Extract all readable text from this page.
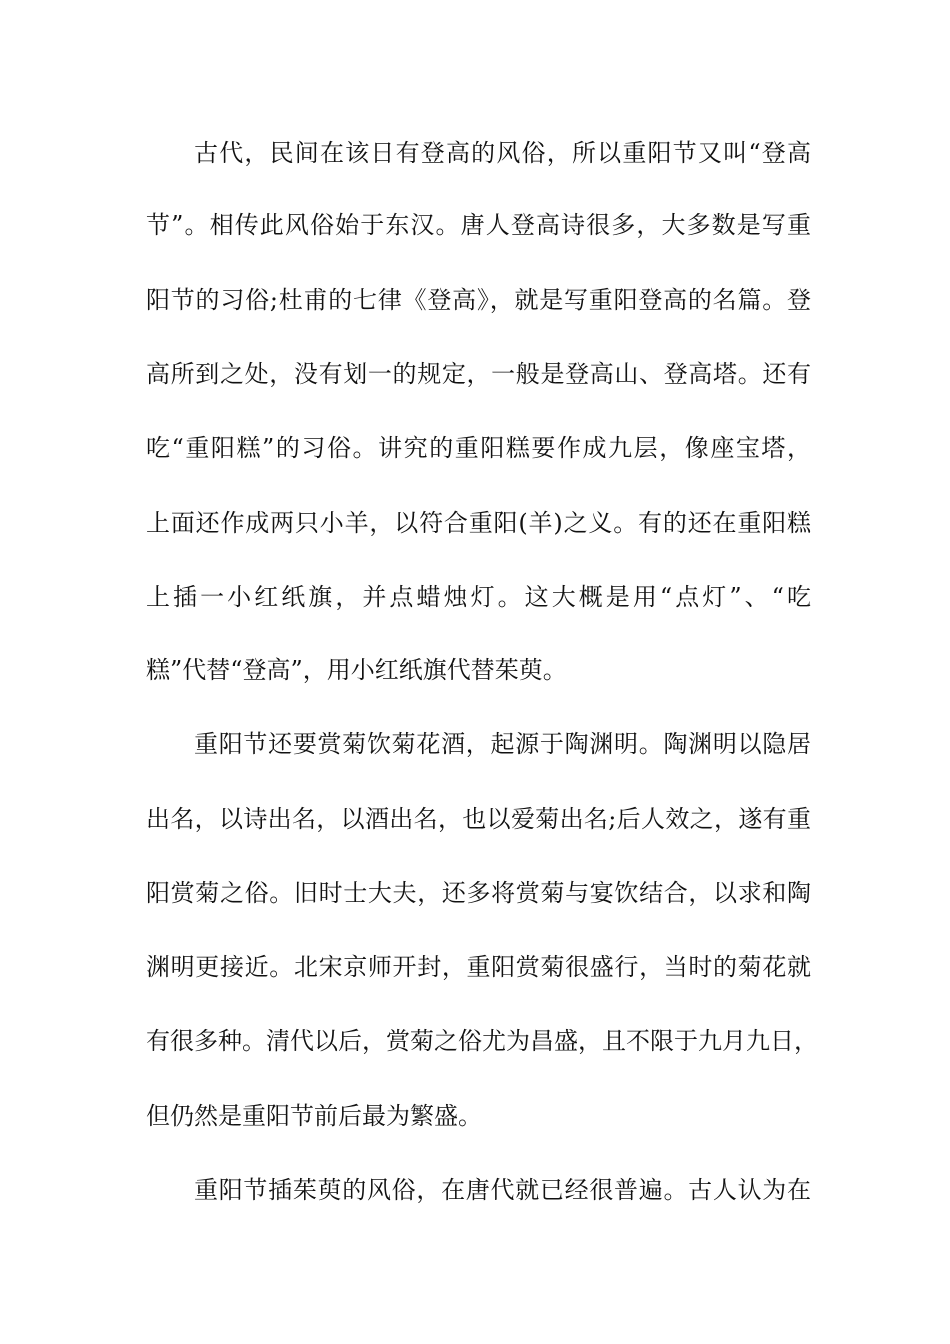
古代，民间在该日有登高的风俗，所以重阳节又叫“登高
节”。相传此风俗始于东汉。唐人登高诗很多，大多数是写重
阳节的习俗;杜甫的七律《登高》，就是写重阳登高的名篇。登
高所到之处，没有划一的规定，一般是登高山、登高塔。还有
吃“重阳糕”的习俗。讲究的重阳糕要作成九层，像座宝塔，
上面还作成两只小羊，以符合重阳(羊)之义。有的还在重阳糕
上插一小红纸旗，并点蜡烛灯。这大概是用“点灯”、“吃
糕”代替“登高”，用小红纸旗代替茱萸。
重阳节还要赏菊饮菊花酒，起源于陶渊明。陶渊明以隐居
出名，以诗出名，以酒出名，也以爱菊出名;后人效之，遂有重
阳赏菊之俗。旧时士大夫，还多将赏菊与宴饮结合，以求和陶
渊明更接近。北宋京师开封，重阳赏菊很盛行，当时的菊花就
有很多种。清代以后，赏菊之俗尤为昌盛，且不限于九月九日，
但仍然是重阳节前后最为繁盛。
重阳节插茱萸的风俗，在唐代就已经很普遍。古人认为在
